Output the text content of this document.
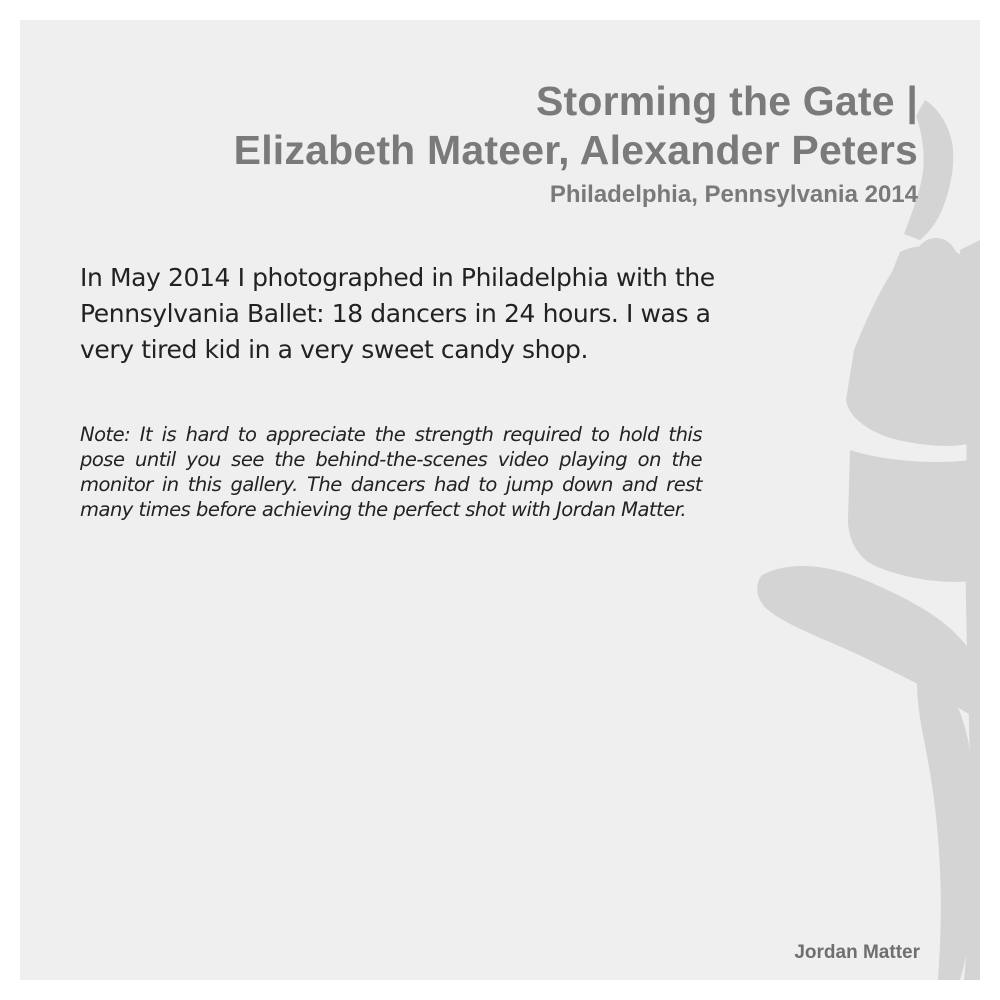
Storming the Gate |
Elizabeth Mateer, Alexander Peters
Philadelphia, Pennsylvania 2014
In May 2014 I photographed in Philadelphia with the Pennsylvania Ballet: 18 dancers in 24 hours. I was a very tired kid in a very sweet candy shop.
Note: It is hard to appreciate the strength required to hold this pose until you see the behind-the-scenes video playing on the monitor in this gallery. The dancers had to jump down and rest many times before achieving the perfect shot with Jordan Matter.
Jordan Matter
